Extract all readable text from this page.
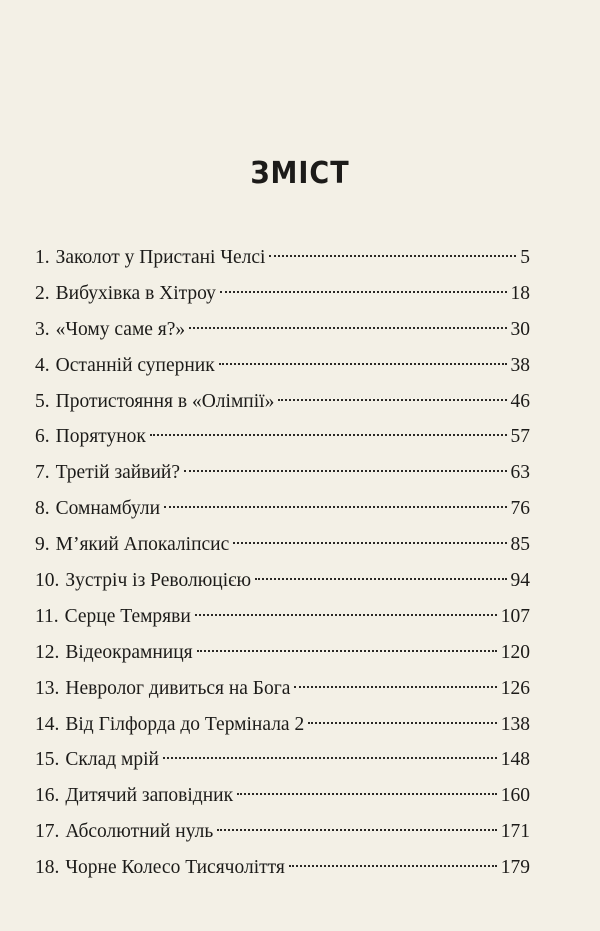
ЗМІСТ
1. Заколот у Пристані Челсі	5
2. Вибухівка в Хітроу	18
3. «Чому саме я?»	30
4. Останній суперник	38
5. Протистояння в «Олімпії»	46
6. Порятунок	57
7. Третій зайвий?	63
8. Сомнамбули	76
9. М’який Апокаліпсис	85
10. Зустріч із Революцією	94
11. Серце Темряви	107
12. Відеокрамниця	120
13. Невролог дивиться на Бога	126
14. Від Гілфорда до Термінала 2	138
15. Склад мрій	148
16. Дитячий заповідник	160
17. Абсолютний нуль	171
18. Чорне Колесо Тисячоліття	179
